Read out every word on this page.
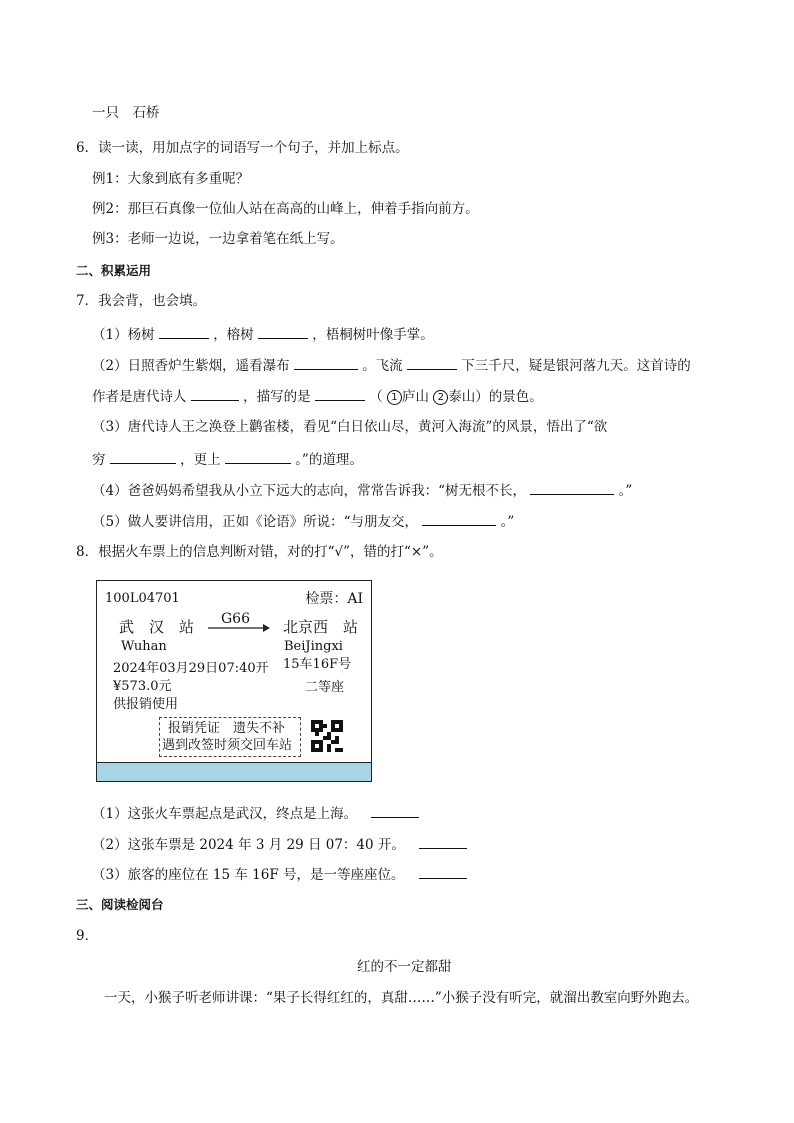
一只　石桥
6．读一读，用加点字的词语写一个句子，并加上标点。
例1：大象到底有多重呢？
例2：那巨石真像一位仙人站在高高的山峰上，伸着手指向前方。
例3：老师一边说，一边拿着笔在纸上写。
二、积累运用
7．我会背，也会填。
（1）杨树	，榕树	，梧桐树叶像手掌。
（2）日照香炉生紫烟，遥看瀑布	。飞流	下三千尺，疑是银河落九天。这首诗的
作者是唐代诗人	，描写的是	（ 1 庐山 2 泰山）的景色。
（3）唐代诗人王之涣登上鹳雀楼，看见“白日依山尽，黄河入海流”的风景，悟出了“欲
穷	，更上	。”的道理。
（4）爸爸妈妈希望我从小立下远大的志向，常常告诉我：“树无根不长，	。”
（5）做人要讲信用，正如《论语》所说：“与朋友交，	。”
8．根据火车票上的信息判断对错，对的打“√”，错的打“×”。
100L04701	检票：AI
武　汉　站
Wuhan
G66 北京西　站
BeiJingxi
2024年03月29日07:40开 15车16F号
¥573.0元	二等座
供报销使用
报销凭证　遗失不补
遇到改签时须交回车站
（1）这张火车票起点是武汉，终点是上海。
（2）这张车票是 2024 年 3 月 29 日 07：40 开。
（3）旅客的座位在 15 车 16F 号，是一等座座位。
三、阅读检阅台
9．
红的不一定都甜
一天，小猴子听老师讲课：“果子长得红红的，真甜……”小猴子没有听完，就溜出教室向野外跑去。
